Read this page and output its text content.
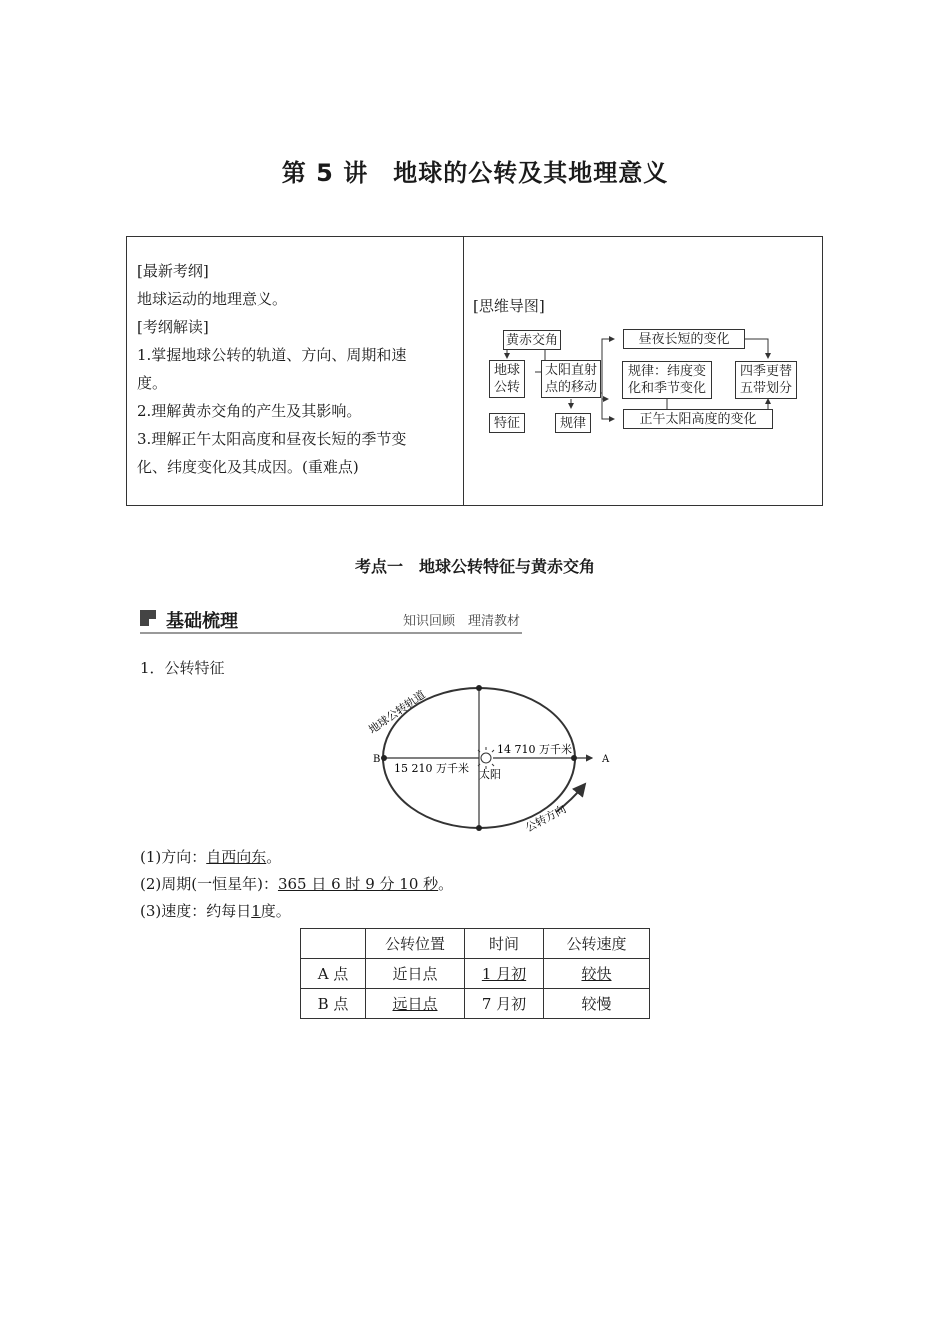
第 5 讲　地球的公转及其地理意义
[最新考纲]
地球运动的地理意义。
[考纲解读]
1.掌握地球公转的轨道、方向、周期和速
度。
2.理解黄赤交角的产生及其影响。
3.理解正午太阳高度和昼夜长短的季节变
化、纬度变化及其成因。(重难点)
[思维导图]
黄赤交角
地球
公转
特征
太阳直射
点的移动
规律
昼夜长短的变化
规律：纬度变
化和季节变化
正午太阳高度的变化
四季更替
五带划分
考点一　地球公转特征与黄赤交角
基础梳理	知识回顾　理清教材
1．公转特征
地球公转轨道
公转方向
太阳
B	A
15 210 万千米
14 710 万千米
(1)方向：自西向东。
(2)周期(一恒星年)：365 日 6 时 9 分 10 秒。
(3)速度：约每日1度。
	公转位置	时间	公转速度
A 点	近日点	1 月初	较快
B 点	远日点	7 月初	较慢
